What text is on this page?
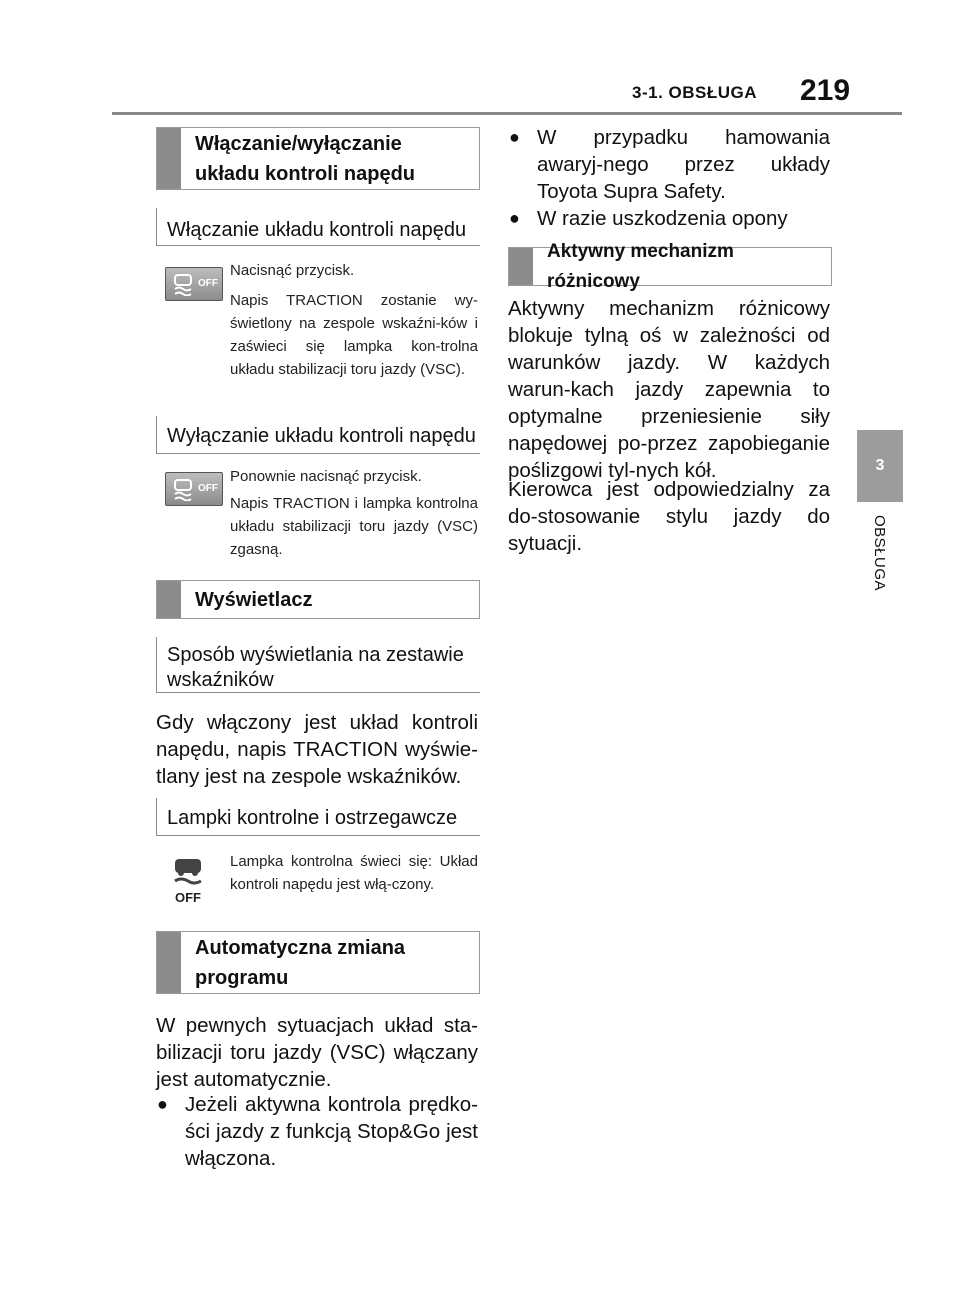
3-1. OBSŁUGA 219
3
OBSŁUGA
Włączanie/wyłączanie układu kontroli napędu
Włączanie układu kontroli napędu
OFF
Nacisnąć przycisk.
Napis TRACTION zostanie wy-świetlony na zespole wskaźni-ków i zaświeci się lampka kon-trolna układu stabilizacji toru jazdy (VSC).
Wyłączanie układu kontroli napędu
OFF
Ponownie nacisnąć przycisk.
Napis TRACTION i lampka kontrolna układu stabilizacji toru jazdy (VSC) zgasną.
Wyświetlacz
Sposób wyświetlania na zestawie wskaźników
Gdy włączony jest układ kontroli napędu, napis TRACTION wyświe-tlany jest na zespole wskaźników.
Lampki kontrolne i ostrzegawcze
OFF
Lampka kontrolna świeci się: Układ kontroli napędu jest włą-czony.
Automatyczna zmiana programu
W pewnych sytuacjach układ sta-bilizacji toru jazdy (VSC) włączany jest automatycznie.
● Jeżeli aktywna kontrola prędko-ści jazdy z funkcją Stop&Go jest włączona.
● W przypadku hamowania awaryj-nego przez układy Toyota Supra Safety.
● W razie uszkodzenia opony
Aktywny mechanizm różnicowy
Aktywny mechanizm różnicowy blokuje tylną oś w zależności od warunków jazdy. W każdych warun-kach jazdy zapewnia to optymalne przeniesienie siły napędowej po-przez zapobieganie poślizgowi tyl-nych kół.
Kierowca jest odpowiedzialny za do-stosowanie stylu jazdy do sytuacji.
